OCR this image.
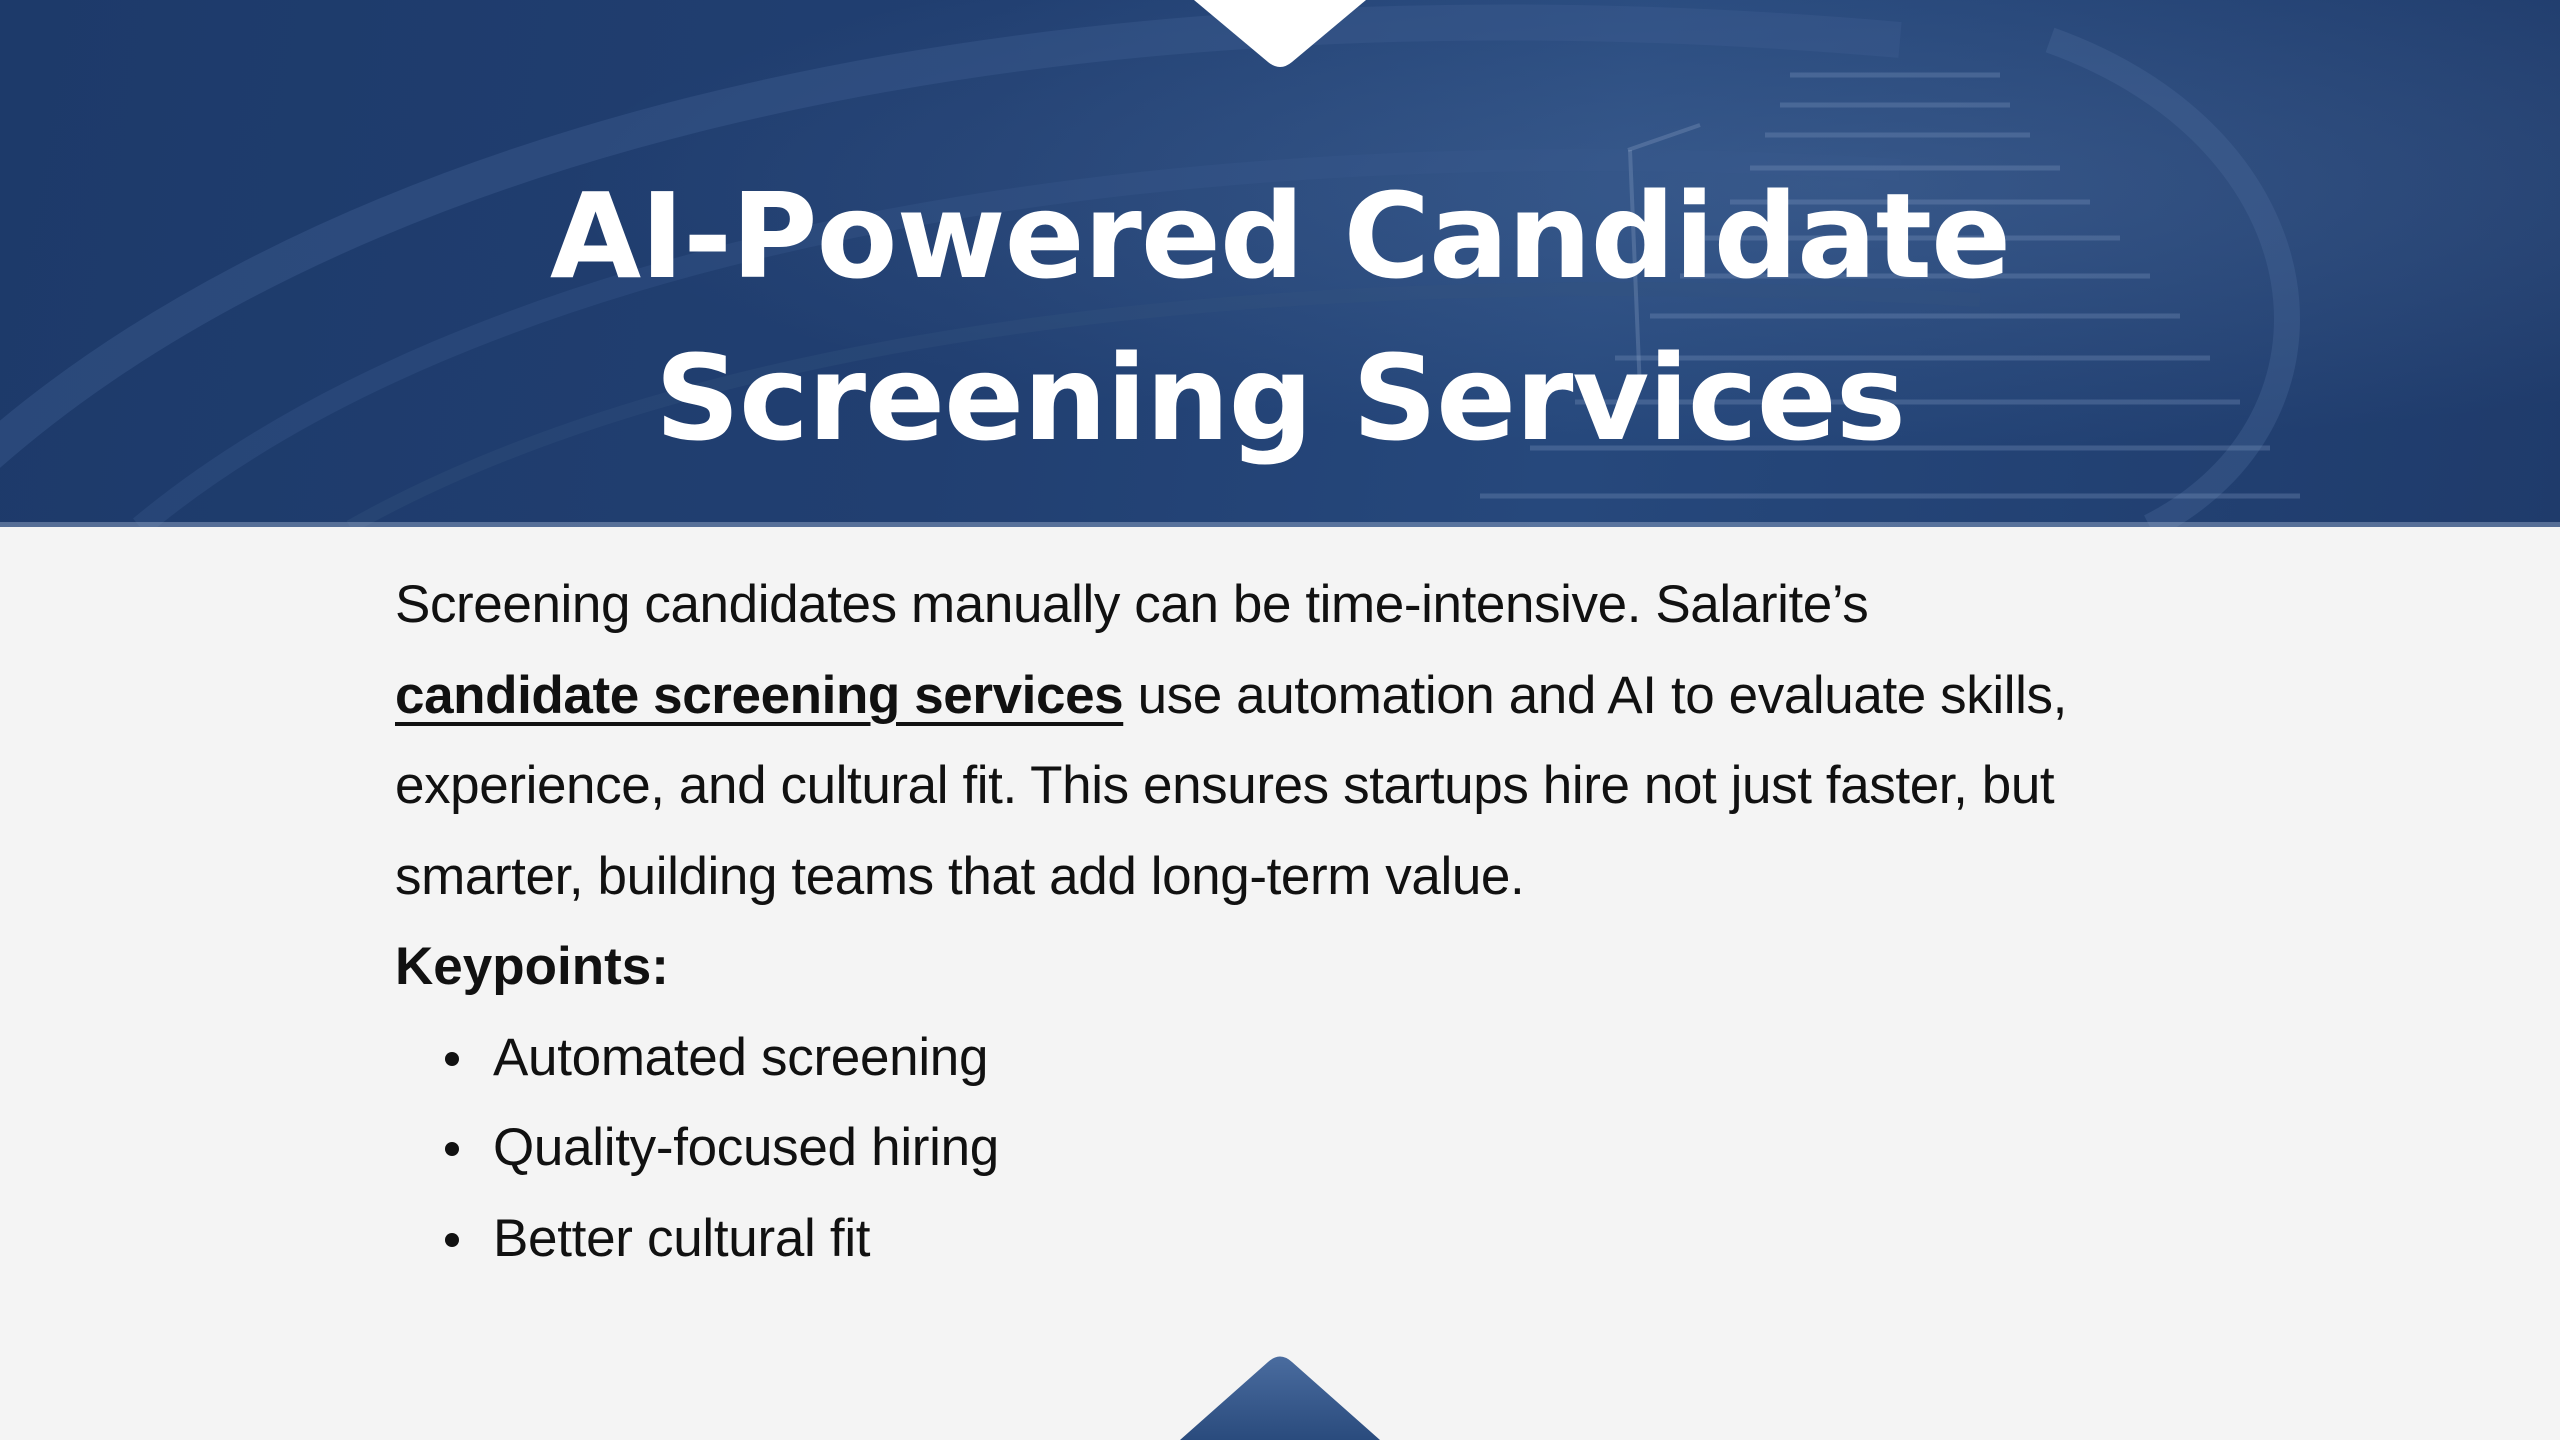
AI-Powered Candidate
Screening Services

Screening candidates manually can be time-intensive. Salarite’s candidate screening services use automation and AI to evaluate skills, experience, and cultural fit. This ensures startups hire not just faster, but smarter, building teams that add long-term value.

Keypoints:

Automated screening
Quality-focused hiring
Better cultural fit
